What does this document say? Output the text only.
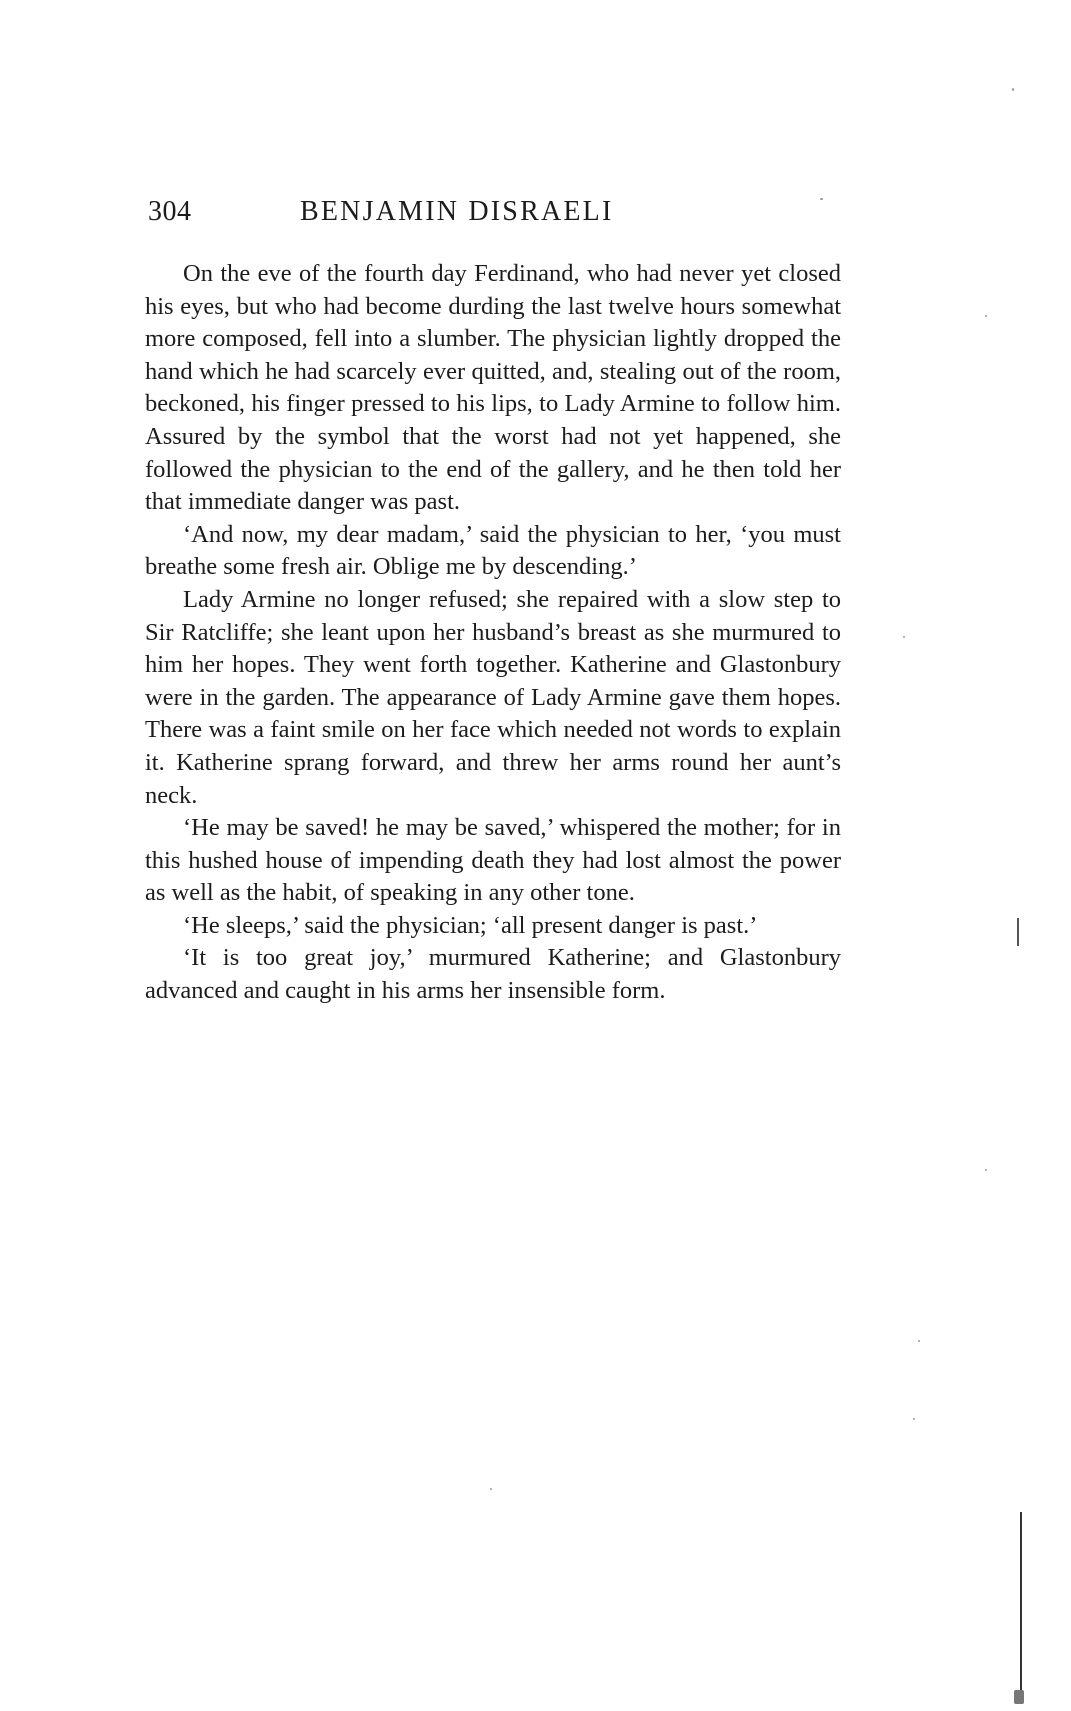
304	BENJAMIN DISRAELI

On the eve of the fourth day Ferdinand, who had never yet closed his eyes, but who had become durding the last twelve hours somewhat more composed, fell into a slumber. The physician lightly dropped the hand which he had scarcely ever quitted, and, stealing out of the room, beckoned, his finger pressed to his lips, to Lady Armine to follow him. Assured by the symbol that the worst had not yet happened, she followed the physician to the end of the gallery, and he then told her that immediate danger was past.

‘And now, my dear madam,’ said the physician to her, ‘you must breathe some fresh air. Oblige me by descending.’

Lady Armine no longer refused; she repaired with a slow step to Sir Ratcliffe; she leant upon her husband’s breast as she murmured to him her hopes. They went forth together. Katherine and Glastonbury were in the garden. The appearance of Lady Armine gave them hopes. There was a faint smile on her face which needed not words to explain it. Katherine sprang forward, and threw her arms round her aunt’s neck.

‘He may be saved! he may be saved,’ whispered the mother; for in this hushed house of impending death they had lost almost the power as well as the habit, of speaking in any other tone.

‘He sleeps,’ said the physician; ‘all present danger is past.’

‘It is too great joy,’ murmured Katherine; and Glastonbury advanced and caught in his arms her insensible form.
